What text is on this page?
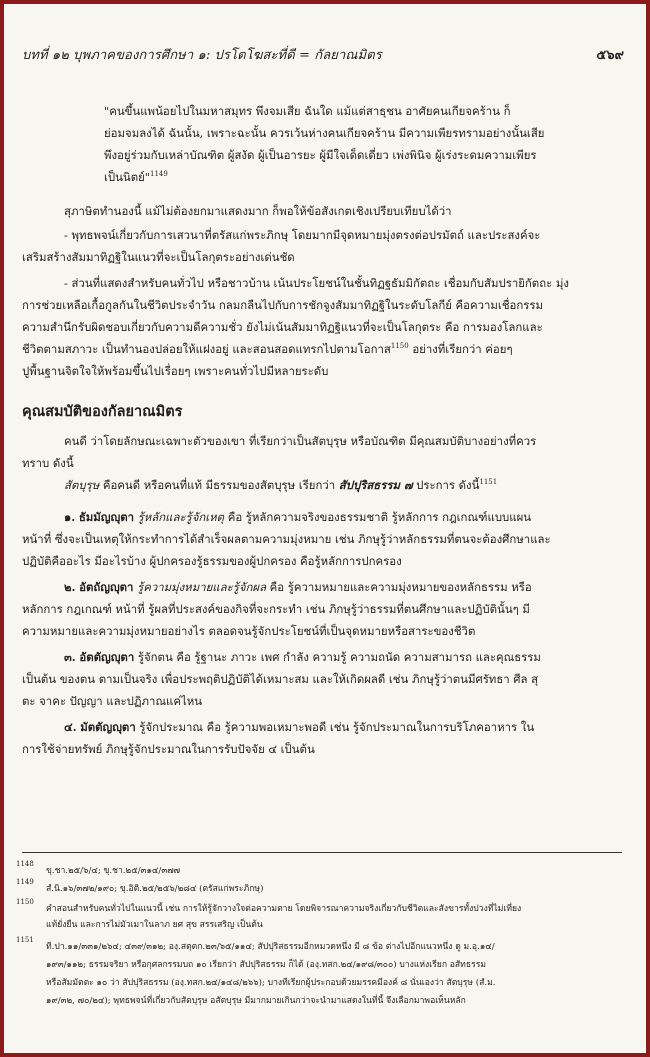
บทที่ ๑๒ บุพภาคของการศึกษา ๑: ปรโตโฆสะที่ดี = กัลยาณมิตร	๕๖๙
"คนขึ้นแพน้อยไปในมหาสมุทร พึงจมเสีย ฉันใด แม้แต่สาธุชน อาศัยคนเกียจคร้าน ก็
ย่อมจมลงได้ ฉันนั้น, เพราะฉะนั้น ควรเว้นห่างคนเกียจคร้าน มีความเพียรทรามอย่างนั้นเสีย
พึงอยู่ร่วมกับเหล่าบัณฑิต ผู้สงัด ผู้เป็นอารยะ ผู้มีใจเด็ดเดี่ยว เพ่งพินิจ ผู้เร่งระดมความเพียร
เป็นนิตย์"$^{1149}$
สุภาษิตทำนองนี้ แม้ไม่ต้องยกมาแสดงมาก ก็พอให้ข้อสังเกตเชิงเปรียบเทียบได้ว่า
- พุทธพจน์เกี่ยวกับการเสวนาที่ตรัสแก่พระภิกษุ โดยมากมีจุดหมายมุ่งตรงต่อปรมัตถ์ และประสงค์จะ
เสริมสร้างสัมมาทิฏฐิในแนวที่จะเป็นโลกุตระอย่างเด่นชัด
- ส่วนที่แสดงสำหรับคนทั่วไป หรือชาวบ้าน เน้นประโยชน์ในชั้นทิฏฐธัมมิกัตถะ เชื่อมกับสัมปรายิกัตถะ มุ่ง
การช่วยเหลือเกื้อกูลกันในชีวิตประจำวัน กลมกลืนไปกับการชักจูงสัมมาทิฏฐิในระดับโลกีย์ คือความเชื่อกรรม
ความสำนึกรับผิดชอบเกี่ยวกับความดีความชั่ว ยังไม่เน้นสัมมาทิฏฐิแนวที่จะเป็นโลกุตระ คือ การมองโลกและ
ชีวิตตามสภาวะ เป็นทำนองปล่อยให้แฝงอยู่ และสอนสอดแทรกไปตามโอกาส$^{1150}$ อย่างที่เรียกว่า ค่อยๆ
ปูพื้นฐานจิตใจให้พร้อมขึ้นไปเรื่อยๆ เพราะคนทั่วไปมีหลายระดับ
คุณสมบัติของกัลยาณมิตร
คนดี ว่าโดยลักษณะเฉพาะตัวของเขา ที่เรียกว่าเป็นสัตบุรุษ หรือบัณฑิต มีคุณสมบัติบางอย่างที่ควร
ทราบ ดังนี้
สัตบุรุษ คือคนดี หรือคนที่แท้ มีธรรมของสัตบุรุษ เรียกว่า สัปปุริสธรรม ๗ ประการ ดังนี้$^{1151}$
๑. ธัมมัญญุตา รู้หลักและรู้จักเหตุ คือ รู้หลักความจริงของธรรมชาติ รู้หลักการ กฎเกณฑ์แบบแผน
หน้าที่ ซึ่งจะเป็นเหตุให้กระทำการได้สำเร็จผลตามความมุ่งหมาย เช่น ภิกษุรู้ว่าหลักธรรมที่ตนจะต้องศึกษาและ
ปฏิบัติคืออะไร มีอะไรบ้าง ผู้ปกครองรู้ธรรมของผู้ปกครอง คือรู้หลักการปกครอง
๒. อัตถัญญุตา รู้ความมุ่งหมายและรู้จักผล คือ รู้ความหมายและความมุ่งหมายของหลักธรรม หรือ
หลักการ กฎเกณฑ์ หน้าที่ รู้ผลที่ประสงค์ของกิจที่จะกระทำ เช่น ภิกษุรู้ว่าธรรมที่ตนศึกษาและปฏิบัตินั้นๆ มี
ความหมายและความมุ่งหมายอย่างไร ตลอดจนรู้จักประโยชน์ที่เป็นจุดหมายหรือสาระของชีวิต
๓. อัตตัญญุตา รู้จักตน คือ รู้ฐานะ ภาวะ เพศ กำลัง ความรู้ ความถนัด ความสามารถ และคุณธรรม
เป็นต้น ของตน ตามเป็นจริง เพื่อประพฤติปฏิบัติได้เหมาะสม และให้เกิดผลดี เช่น ภิกษุรู้ว่าตนมีศรัทธา ศีล สุ
ตะ จาคะ ปัญญา และปฏิภาณแค่ไหน
๔. มัตตัญญุตา รู้จักประมาณ คือ รู้ความพอเหมาะพอดี เช่น รู้จักประมาณในการบริโภคอาหาร ใน
การใช้จ่ายทรัพย์ ภิกษุรู้จักประมาณในการรับปัจจัย ๔ เป็นต้น
1148
ขุ.ชา.๒๕/๖/๔; ขุ.ชา.๒๕/๓๑๔/๓๗๗
1149
สํ.นิ.๑๖/๓๗๒/๑๙๐; ขุ.อิติ.๒๕/๒๕๖/๒๘๔ (ตรัสแก่พระภิกษุ)
1150
คำสอนสำหรับคนทั่วไปในแนวนี้ เช่น การให้รู้จักวางใจต่อความตาย โดยพิจารณาความจริงเกี่ยวกับชีวิตและสังขารทั้งปวงที่ไม่เที่ยง
แท้ยั่งยืน และการไม่มัวเมาในลาภ ยศ สุข สรรเสริญ เป็นต้น
1151
ที.ปา.๑๑/๓๓๑/๒๖๔; ๔๓๙/๓๑๒; องฺ.สตฺตก.๒๓/๖๕/๑๑๔; สัปปุริสธรรมอีกหมวดหนึ่ง มี ๘ ข้อ ต่างไปอีกแนวหนึ่ง ดู ม.อุ.๑๔/
๑๙๓/๑๑๒; ธรรมจริยา หรือกุศลกรรมบถ ๑๐ เรียกว่า สัปปุริสธรรม ก็ได้ (องฺ.ทสก.๒๔/๑๙๘/๓๐๐) บางแห่งเรียก อสัทธรรม
หรือสัมมัตตะ ๑๐ ว่า สัปปุริสธรรม (องฺ.ทสก.๒๔/๑๔๘/๒๖๖); บางทีเรียกผู้ประกอบด้วยมรรคมีองค์ ๘ นั่นเองว่า สัตบุรุษ (สํ.ม.
๑๙/๓๒, ๗๐/๒๔); พุทธพจน์ที่เกี่ยวกับสัตบุรุษ อสัตบุรุษ มีมากมายเกินกว่าจะนำมาแสดงในที่นี้ จึงเลือกมาพอเห็นหลัก
